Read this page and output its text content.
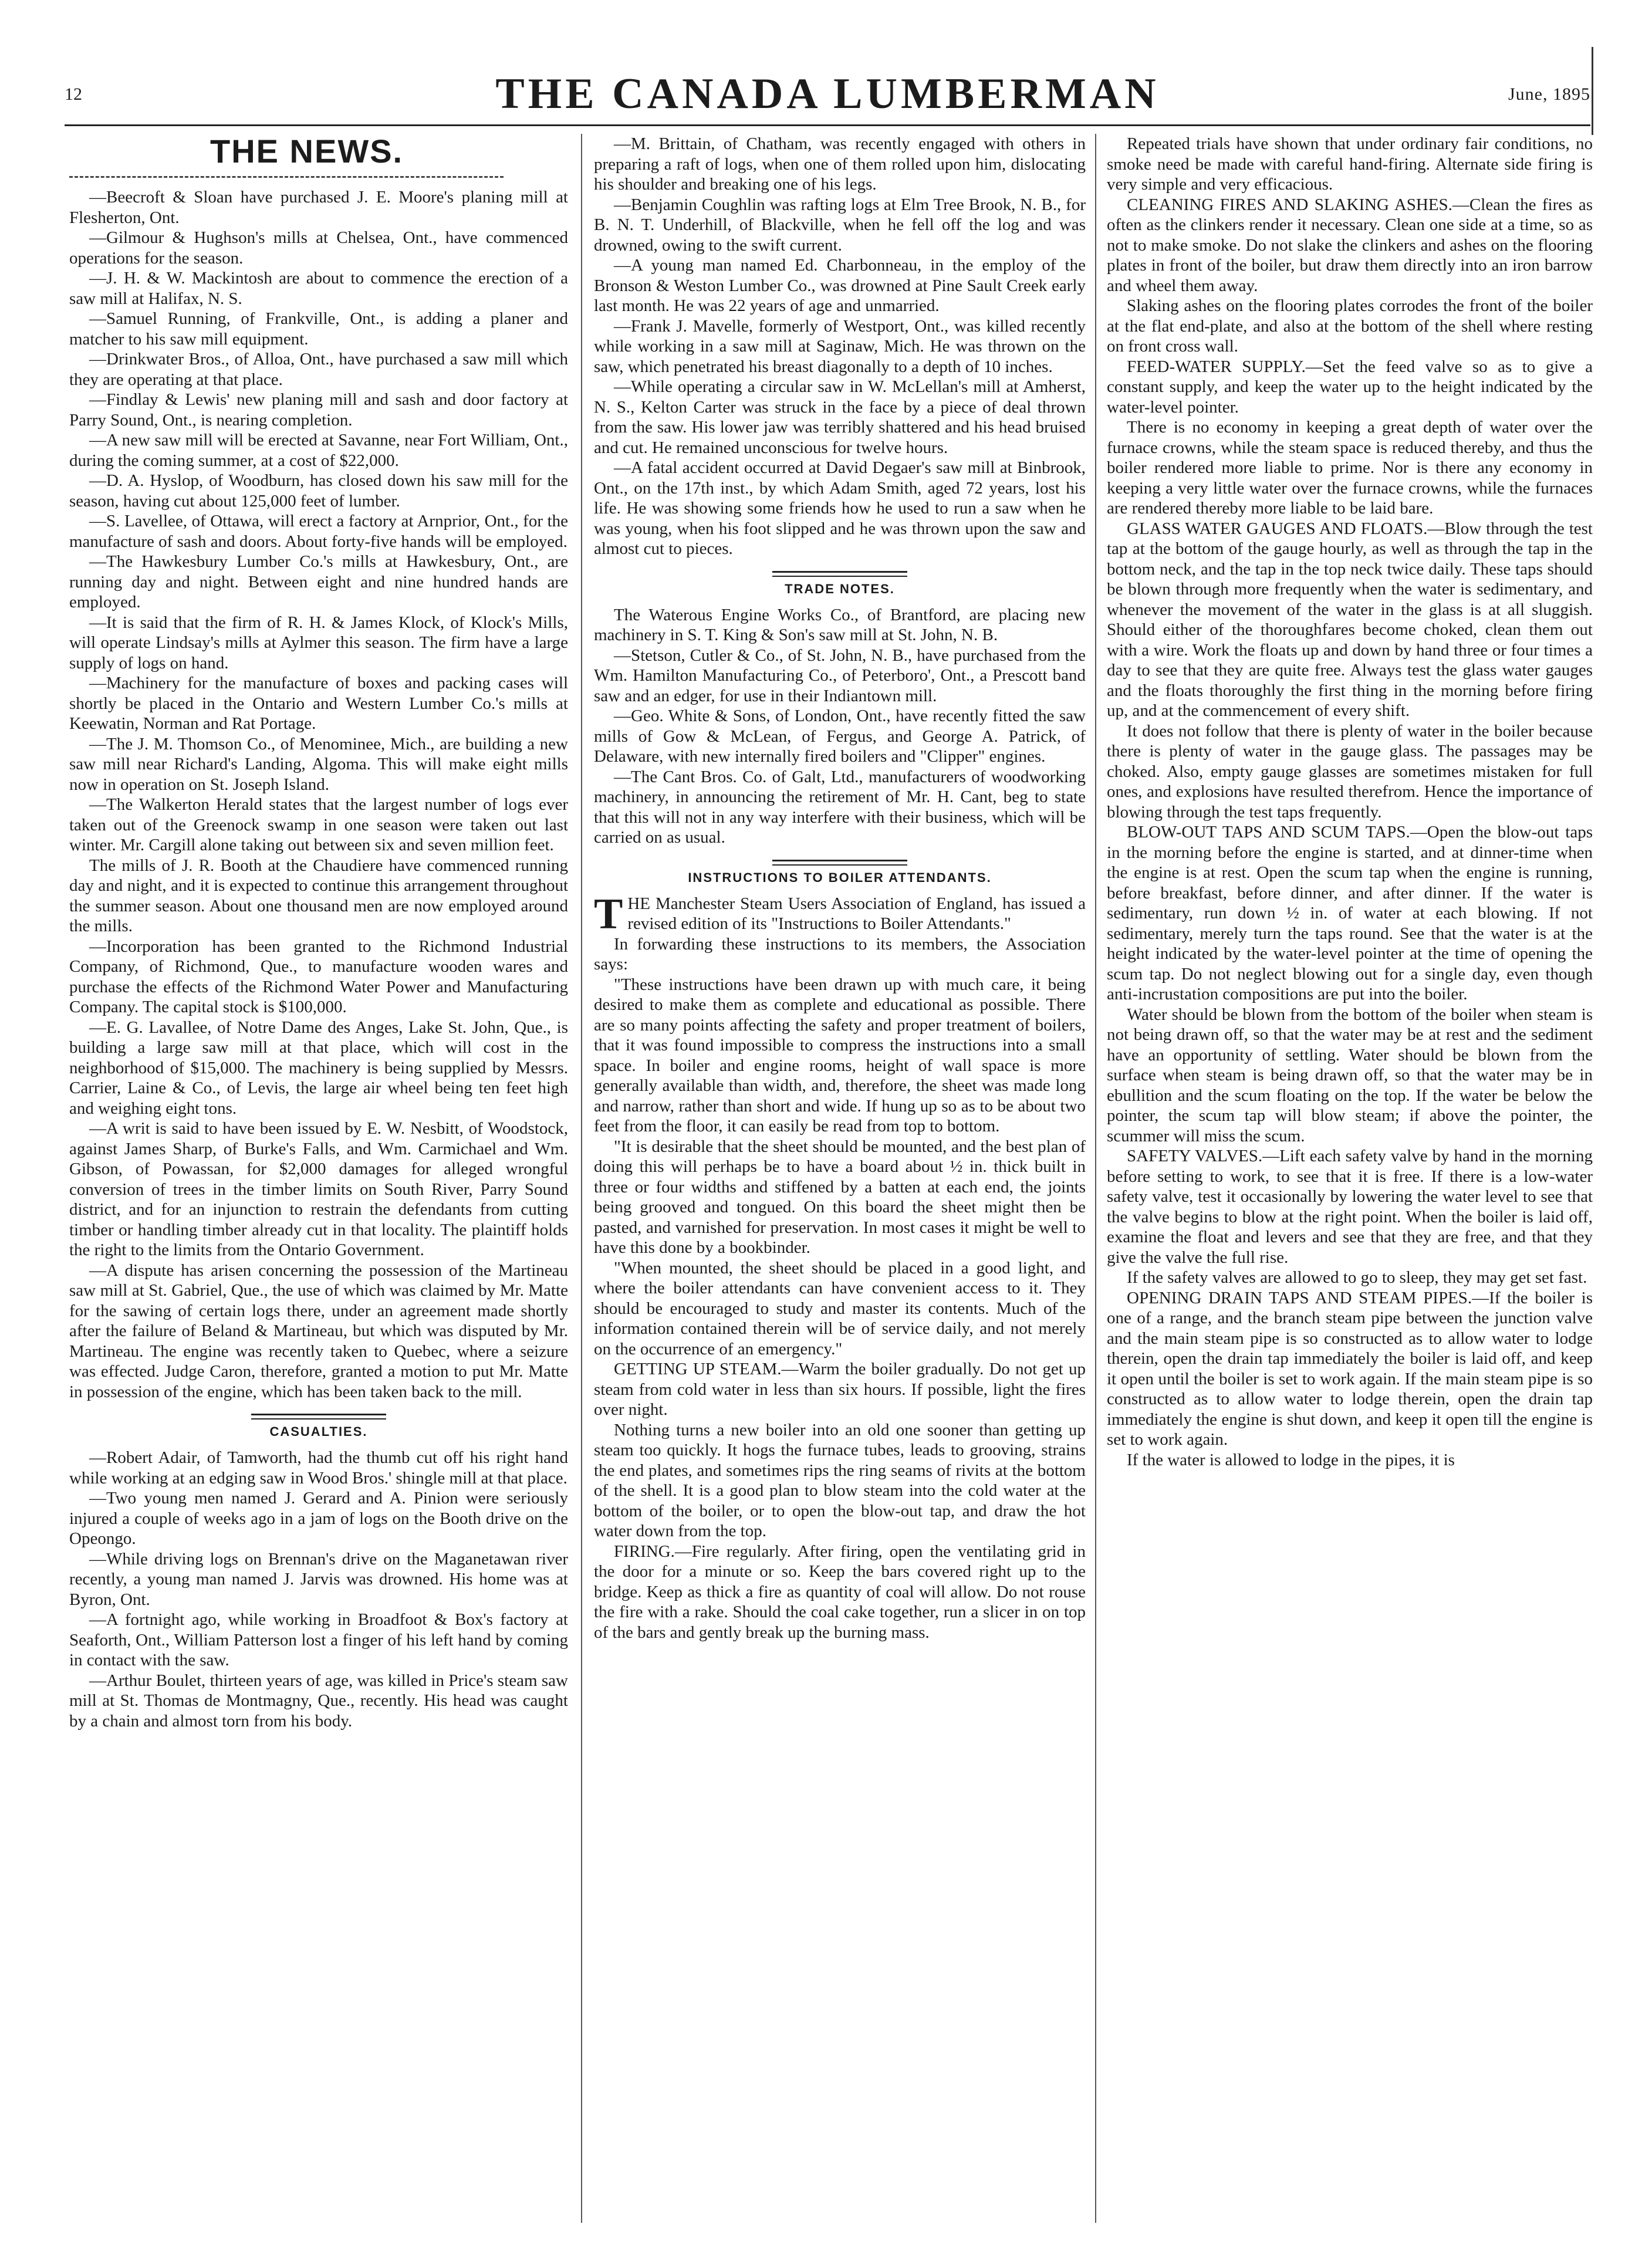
12	THE CANADA LUMBERMAN	June, 1895
THE NEWS.

—Beecroft & Sloan have purchased J. E. Moore's planing mill at Flesherton, Ont.

—Gilmour & Hughson's mills at Chelsea, Ont., have commenced operations for the season.

—J. H. & W. Mackintosh are about to commence the erection of a saw mill at Halifax, N. S.

—Samuel Running, of Frankville, Ont., is adding a planer and matcher to his saw mill equipment.

—Drinkwater Bros., of Alloa, Ont., have purchased a saw mill which they are operating at that place.

—Findlay & Lewis' new planing mill and sash and door factory at Parry Sound, Ont., is nearing completion.

—A new saw mill will be erected at Savanne, near Fort William, Ont., during the coming summer, at a cost of $22,000.

—D. A. Hyslop, of Woodburn, has closed down his saw mill for the season, having cut about 125,000 feet of lumber.

—S. Lavellee, of Ottawa, will erect a factory at Arnprior, Ont., for the manufacture of sash and doors. About forty-five hands will be employed.

—The Hawkesbury Lumber Co.'s mills at Hawkesbury, Ont., are running day and night. Between eight and nine hundred hands are employed.

—It is said that the firm of R. H. & James Klock, of Klock's Mills, will operate Lindsay's mills at Aylmer this season. The firm have a large supply of logs on hand.

—Machinery for the manufacture of boxes and packing cases will shortly be placed in the Ontario and Western Lumber Co.'s mills at Keewatin, Norman and Rat Portage.

—The J. M. Thomson Co., of Menominee, Mich., are building a new saw mill near Richard's Landing, Algoma. This will make eight mills now in operation on St. Joseph Island.

—The Walkerton Herald states that the largest number of logs ever taken out of the Greenock swamp in one season were taken out last winter. Mr. Cargill alone taking out between six and seven million feet.

The mills of J. R. Booth at the Chaudiere have commenced running day and night, and it is expected to continue this arrangement throughout the summer season. About one thousand men are now employed around the mills.

—Incorporation has been granted to the Richmond Industrial Company, of Richmond, Que., to manufacture wooden wares and purchase the effects of the Richmond Water Power and Manufacturing Company. The capital stock is $100,000.

—E. G. Lavallee, of Notre Dame des Anges, Lake St. John, Que., is building a large saw mill at that place, which will cost in the neighborhood of $15,000. The machinery is being supplied by Messrs. Carrier, Laine & Co., of Levis, the large air wheel being ten feet high and weighing eight tons.

—A writ is said to have been issued by E. W. Nesbitt, of Woodstock, against James Sharp, of Burke's Falls, and Wm. Carmichael and Wm. Gibson, of Powassan, for $2,000 damages for alleged wrongful conversion of trees in the timber limits on South River, Parry Sound district, and for an injunction to restrain the defendants from cutting timber or handling timber already cut in that locality. The plaintiff holds the right to the limits from the Ontario Government.

—A dispute has arisen concerning the possession of the Martineau saw mill at St. Gabriel, Que., the use of which was claimed by Mr. Matte for the sawing of certain logs there, under an agreement made shortly after the failure of Beland & Martineau, but which was disputed by Mr. Martineau. The engine was recently taken to Quebec, where a seizure was effected. Judge Caron, therefore, granted a motion to put Mr. Matte in possession of the engine, which has been taken back to the mill.

CASUALTIES.

—Robert Adair, of Tamworth, had the thumb cut off his right hand while working at an edging saw in Wood Bros.' shingle mill at that place.

—Two young men named J. Gerard and A. Pinion were seriously injured a couple of weeks ago in a jam of logs on the Booth drive on the Opeongo.

—While driving logs on Brennan's drive on the Maganetawan river recently, a young man named J. Jarvis was drowned. His home was at Byron, Ont.

—A fortnight ago, while working in Broadfoot & Box's factory at Seaforth, Ont., William Patterson lost a finger of his left hand by coming in contact with the saw.

—Arthur Boulet, thirteen years of age, was killed in Price's steam saw mill at St. Thomas de Montmagny, Que., recently. His head was caught by a chain and almost torn from his body.

—M. Brittain, of Chatham, was recently engaged with others in preparing a raft of logs, when one of them rolled upon him, dislocating his shoulder and breaking one of his legs.

—Benjamin Coughlin was rafting logs at Elm Tree Brook, N. B., for B. N. T. Underhill, of Blackville, when he fell off the log and was drowned, owing to the swift current.

—A young man named Ed. Charbonneau, in the employ of the Bronson & Weston Lumber Co., was drowned at Pine Sault Creek early last month. He was 22 years of age and unmarried.

—Frank J. Mavelle, formerly of Westport, Ont., was killed recently while working in a saw mill at Saginaw, Mich. He was thrown on the saw, which penetrated his breast diagonally to a depth of 10 inches.

—While operating a circular saw in W. McLellan's mill at Amherst, N. S., Kelton Carter was struck in the face by a piece of deal thrown from the saw. His lower jaw was terribly shattered and his head bruised and cut. He remained unconscious for twelve hours.

—A fatal accident occurred at David Degaer's saw mill at Binbrook, Ont., on the 17th inst., by which Adam Smith, aged 72 years, lost his life. He was showing some friends how he used to run a saw when he was young, when his foot slipped and he was thrown upon the saw and almost cut to pieces.

TRADE NOTES.

The Waterous Engine Works Co., of Brantford, are placing new machinery in S. T. King & Son's saw mill at St. John, N. B.

—Stetson, Cutler & Co., of St. John, N. B., have purchased from the Wm. Hamilton Manufacturing Co., of Peterboro', Ont., a Prescott band saw and an edger, for use in their Indiantown mill.

—Geo. White & Sons, of London, Ont., have recently fitted the saw mills of Gow & McLean, of Fergus, and George A. Patrick, of Delaware, with new internally fired boilers and "Clipper" engines.

—The Cant Bros. Co. of Galt, Ltd., manufacturers of woodworking machinery, in announcing the retirement of Mr. H. Cant, beg to state that this will not in any way interfere with their business, which will be carried on as usual.

INSTRUCTIONS TO BOILER ATTENDANTS.

THE Manchester Steam Users Association of England, has issued a revised edition of its "Instructions to Boiler Attendants."

In forwarding these instructions to its members, the Association says:

"These instructions have been drawn up with much care, it being desired to make them as complete and educational as possible. There are so many points affecting the safety and proper treatment of boilers, that it was found impossible to compress the instructions into a small space. In boiler and engine rooms, height of wall space is more generally available than width, and, therefore, the sheet was made long and narrow, rather than short and wide. If hung up so as to be about two feet from the floor, it can easily be read from top to bottom.

"It is desirable that the sheet should be mounted, and the best plan of doing this will perhaps be to have a board about ½ in. thick built in three or four widths and stiffened by a batten at each end, the joints being grooved and tongued. On this board the sheet might then be pasted, and varnished for preservation. In most cases it might be well to have this done by a bookbinder.

"When mounted, the sheet should be placed in a good light, and where the boiler attendants can have convenient access to it. They should be encouraged to study and master its contents. Much of the information contained therein will be of service daily, and not merely on the occurrence of an emergency."

GETTING UP STEAM.—Warm the boiler gradually. Do not get up steam from cold water in less than six hours. If possible, light the fires over night.

Nothing turns a new boiler into an old one sooner than getting up steam too quickly. It hogs the furnace tubes, leads to grooving, strains the end plates, and sometimes rips the ring seams of rivits at the bottom of the shell. It is a good plan to blow steam into the cold water at the bottom of the boiler, or to open the blow-out tap, and draw the hot water down from the top.

FIRING.—Fire regularly. After firing, open the ventilating grid in the door for a minute or so. Keep the bars covered right up to the bridge. Keep as thick a fire as quantity of coal will allow. Do not rouse the fire with a rake. Should the coal cake together, run a slicer in on top of the bars and gently break up the burning mass.

Repeated trials have shown that under ordinary fair conditions, no smoke need be made with careful hand-firing. Alternate side firing is very simple and very efficacious.

CLEANING FIRES AND SLAKING ASHES.—Clean the fires as often as the clinkers render it necessary. Clean one side at a time, so as not to make smoke. Do not slake the clinkers and ashes on the flooring plates in front of the boiler, but draw them directly into an iron barrow and wheel them away.

Slaking ashes on the flooring plates corrodes the front of the boiler at the flat end-plate, and also at the bottom of the shell where resting on front cross wall.

FEED-WATER SUPPLY.—Set the feed valve so as to give a constant supply, and keep the water up to the height indicated by the water-level pointer.

There is no economy in keeping a great depth of water over the furnace crowns, while the steam space is reduced thereby, and thus the boiler rendered more liable to prime. Nor is there any economy in keeping a very little water over the furnace crowns, while the furnaces are rendered thereby more liable to be laid bare.

GLASS WATER GAUGES AND FLOATS.—Blow through the test tap at the bottom of the gauge hourly, as well as through the tap in the bottom neck, and the tap in the top neck twice daily. These taps should be blown through more frequently when the water is sedimentary, and whenever the movement of the water in the glass is at all sluggish. Should either of the thoroughfares become choked, clean them out with a wire. Work the floats up and down by hand three or four times a day to see that they are quite free. Always test the glass water gauges and the floats thoroughly the first thing in the morning before firing up, and at the commencement of every shift.

It does not follow that there is plenty of water in the boiler because there is plenty of water in the gauge glass. The passages may be choked. Also, empty gauge glasses are sometimes mistaken for full ones, and explosions have resulted therefrom. Hence the importance of blowing through the test taps frequently.

BLOW-OUT TAPS AND SCUM TAPS.—Open the blow-out taps in the morning before the engine is started, and at dinner-time when the engine is at rest. Open the scum tap when the engine is running, before breakfast, before dinner, and after dinner. If the water is sedimentary, run down ½ in. of water at each blowing. If not sedimentary, merely turn the taps round. See that the water is at the height indicated by the water-level pointer at the time of opening the scum tap. Do not neglect blowing out for a single day, even though anti-incrustation compositions are put into the boiler.

Water should be blown from the bottom of the boiler when steam is not being drawn off, so that the water may be at rest and the sediment have an opportunity of settling. Water should be blown from the surface when steam is being drawn off, so that the water may be in ebullition and the scum floating on the top. If the water be below the pointer, the scum tap will blow steam; if above the pointer, the scummer will miss the scum.

SAFETY VALVES.—Lift each safety valve by hand in the morning before setting to work, to see that it is free. If there is a low-water safety valve, test it occasionally by lowering the water level to see that the valve begins to blow at the right point. When the boiler is laid off, examine the float and levers and see that they are free, and that they give the valve the full rise.

If the safety valves are allowed to go to sleep, they may get set fast.

OPENING DRAIN TAPS AND STEAM PIPES.—If the boiler is one of a range, and the branch steam pipe between the junction valve and the main steam pipe is so constructed as to allow water to lodge therein, open the drain tap immediately the boiler is laid off, and keep it open until the boiler is set to work again. If the main steam pipe is so constructed as to allow water to lodge therein, open the drain tap immediately the engine is shut down, and keep it open till the engine is set to work again.

If the water is allowed to lodge in the pipes, it is
